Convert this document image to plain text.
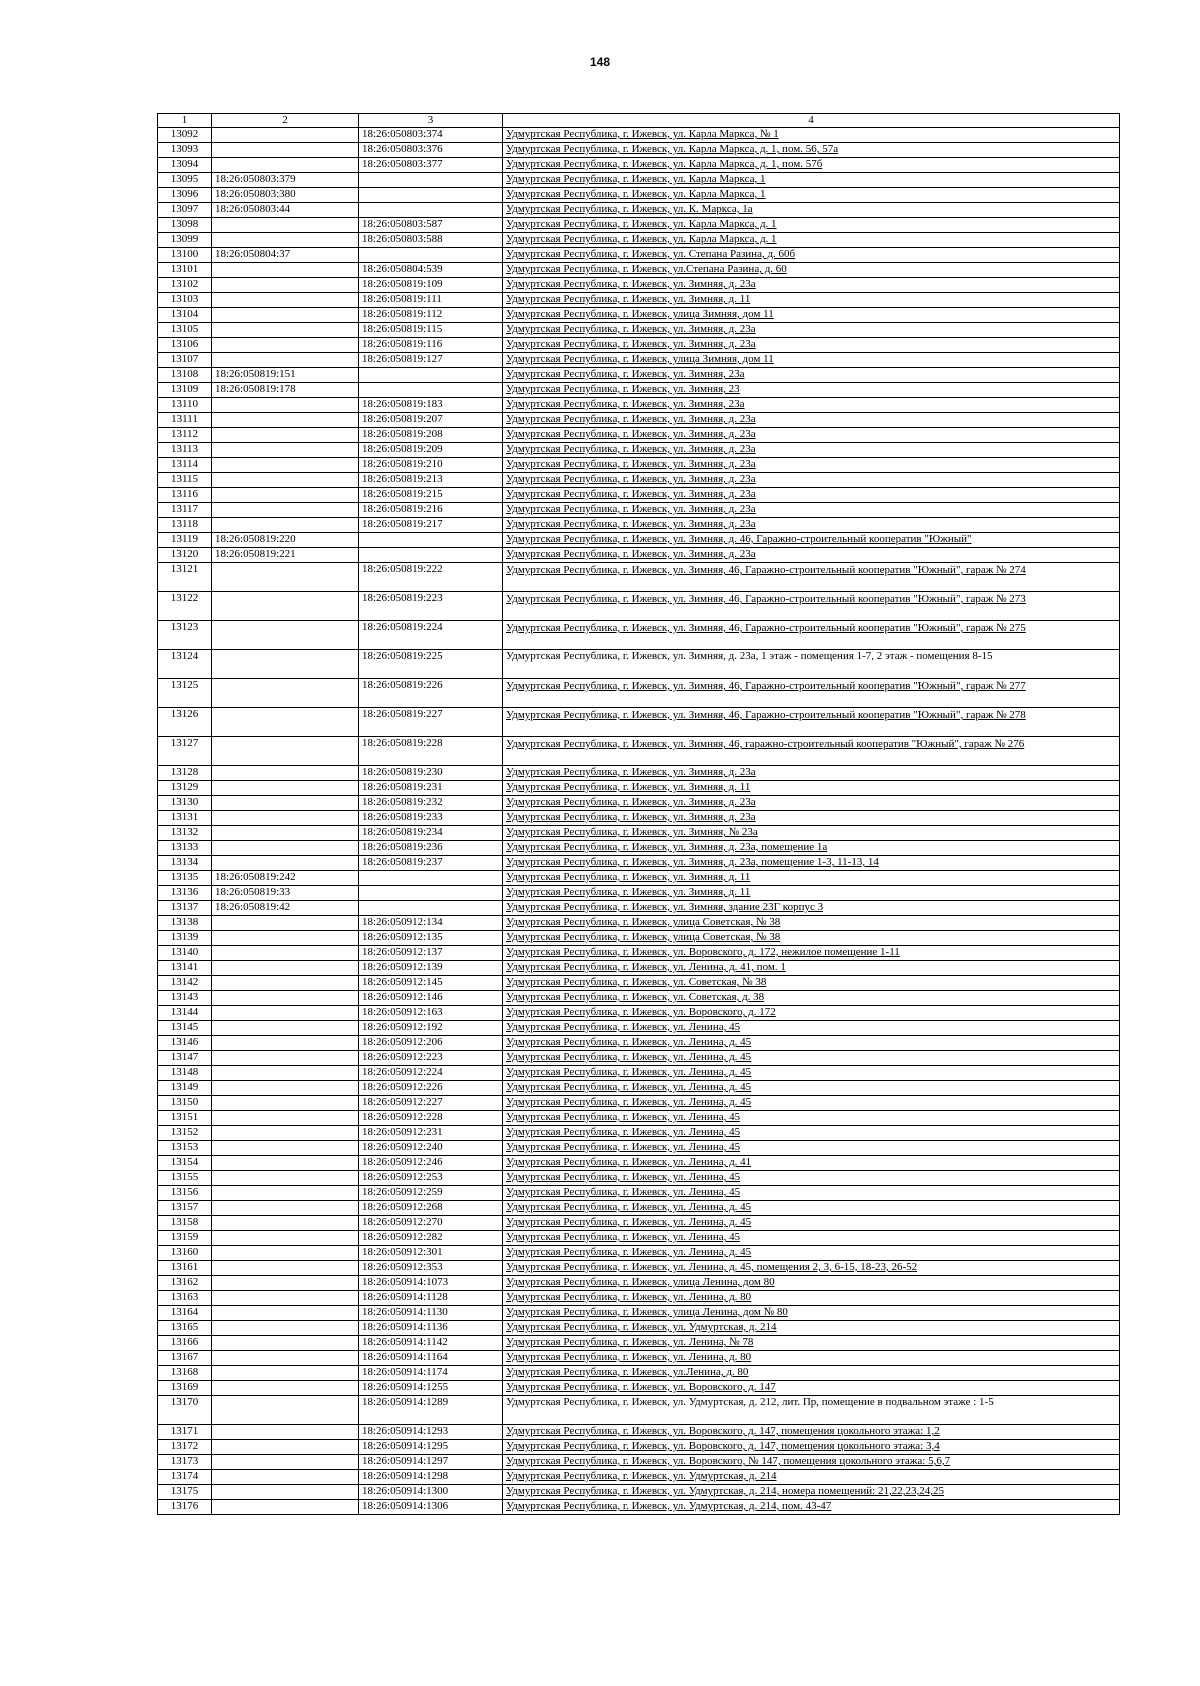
148
1	2	3	4
13092		18:26:050803:374	Удмуртская Республика, г. Ижевск, ул. Карла Маркса, № 1
13093		18:26:050803:376	Удмуртская Республика, г. Ижевск, ул. Карла Маркса, д. 1, пом. 56, 57а
13094		18:26:050803:377	Удмуртская Республика, г. Ижевск, ул. Карла Маркса, д. 1, пом. 57б
13095	18:26:050803:379		Удмуртская Республика, г. Ижевск, ул. Карла Маркса, 1
13096	18:26:050803:380		Удмуртская Республика, г. Ижевск, ул. Карла Маркса, 1
13097	18:26:050803:44		Удмуртская Республика, г. Ижевск, ул. К. Маркса, 1а
13098		18:26:050803:587	Удмуртская Республика, г. Ижевск, ул. Карла Маркса, д. 1
13099		18:26:050803:588	Удмуртская Республика, г. Ижевск, ул. Карла Маркса, д. 1
13100	18:26:050804:37		Удмуртская Республика, г. Ижевск, ул. Степана Разина, д. 60б
13101		18:26:050804:539	Удмуртская Республика, г. Ижевск, ул.Степана Разина, д. 60
13102		18:26:050819:109	Удмуртская Республика, г. Ижевск, ул. Зимняя, д. 23а
13103		18:26:050819:111	Удмуртская Республика, г. Ижевск, ул. Зимняя, д. 11
13104		18:26:050819:112	Удмуртская Республика, г. Ижевск, улица Зимняя, дом 11
13105		18:26:050819:115	Удмуртская Республика, г. Ижевск, ул. Зимняя, д. 23а
13106		18:26:050819:116	Удмуртская Республика, г. Ижевск, ул. Зимняя, д. 23а
13107		18:26:050819:127	Удмуртская Республика, г. Ижевск, улица Зимняя, дом 11
13108	18:26:050819:151		Удмуртская Республика, г. Ижевск, ул. Зимняя, 23а
13109	18:26:050819:178		Удмуртская Республика, г. Ижевск, ул. Зимняя, 23
13110		18:26:050819:183	Удмуртская Республика, г. Ижевск, ул. Зимняя, 23а
13111		18:26:050819:207	Удмуртская Республика, г. Ижевск, ул. Зимняя, д. 23а
13112		18:26:050819:208	Удмуртская Республика, г. Ижевск, ул. Зимняя, д. 23а
13113		18:26:050819:209	Удмуртская Республика, г. Ижевск, ул. Зимняя, д. 23а
13114		18:26:050819:210	Удмуртская Республика, г. Ижевск, ул. Зимняя, д. 23а
13115		18:26:050819:213	Удмуртская Республика, г. Ижевск, ул. Зимняя, д. 23а
13116		18:26:050819:215	Удмуртская Республика, г. Ижевск, ул. Зимняя, д. 23а
13117		18:26:050819:216	Удмуртская Республика, г. Ижевск, ул. Зимняя, д. 23а
13118		18:26:050819:217	Удмуртская Республика, г. Ижевск, ул. Зимняя, д. 23а
13119	18:26:050819:220		Удмуртская Республика, г. Ижевск, ул. Зимняя, д. 46, Гаражно-строительный кооператив "Южный"
13120	18:26:050819:221		Удмуртская Республика, г. Ижевск, ул. Зимняя, д. 23а
13121		18:26:050819:222	Удмуртская Республика, г. Ижевск, ул. Зимняя, 46, Гаражно-строительный кооператив "Южный", гараж № 274
13122		18:26:050819:223	Удмуртская Республика, г. Ижевск, ул. Зимняя, 46, Гаражно-строительный кооператив "Южный", гараж № 273
13123		18:26:050819:224	Удмуртская Республика, г. Ижевск, ул. Зимняя, 46, Гаражно-строительный кооператив "Южный", гараж № 275
13124		18:26:050819:225	Удмуртская Республика, г. Ижевск, ул. Зимняя, д. 23а, 1 этаж - помещения 1-7, 2 этаж - помещения 8-15
13125		18:26:050819:226	Удмуртская Республика, г. Ижевск, ул. Зимняя, 46, Гаражно-строительный кооператив "Южный", гараж № 277
13126		18:26:050819:227	Удмуртская Республика, г. Ижевск, ул. Зимняя, 46, Гаражно-строительный кооператив "Южный", гараж № 278
13127		18:26:050819:228	Удмуртская Республика, г. Ижевск, ул. Зимняя, 46, гаражно-строительный кооператив "Южный", гараж № 276
13128		18:26:050819:230	Удмуртская Республика, г. Ижевск, ул. Зимняя, д. 23а
13129		18:26:050819:231	Удмуртская Республика, г. Ижевск, ул. Зимняя, д. 11
13130		18:26:050819:232	Удмуртская Республика, г. Ижевск, ул. Зимняя, д. 23а
13131		18:26:050819:233	Удмуртская Республика, г. Ижевск, ул. Зимняя, д. 23а
13132		18:26:050819:234	Удмуртская Республика, г. Ижевск, ул. Зимняя, № 23а
13133		18:26:050819:236	Удмуртская Республика, г. Ижевск, ул. Зимняя, д. 23а, помещение 1а
13134		18:26:050819:237	Удмуртская Республика, г. Ижевск, ул. Зимняя, д. 23а, помещение 1-3, 11-13, 14
13135	18:26:050819:242		Удмуртская Республика, г. Ижевск, ул. Зимняя, д. 11
13136	18:26:050819:33		Удмуртская Республика, г. Ижевск, ул. Зимняя, д. 11
13137	18:26:050819:42		Удмуртская Республика, г. Ижевск, ул. Зимняя, здание 23Г корпус 3
13138		18:26:050912:134	Удмуртская Республика, г. Ижевск, улица Советская, № 38
13139		18:26:050912:135	Удмуртская Республика, г. Ижевск, улица Советская, № 38
13140		18:26:050912:137	Удмуртская Республика, г. Ижевск, ул. Воровского, д. 172, нежилое помещение 1-11
13141		18:26:050912:139	Удмуртская Республика, г. Ижевск, ул. Ленина, д. 41, пом. 1
13142		18:26:050912:145	Удмуртская Республика, г. Ижевск, ул. Советская, № 38
13143		18:26:050912:146	Удмуртская Республика, г. Ижевск, ул. Советская, д. 38
13144		18:26:050912:163	Удмуртская Республика, г. Ижевск, ул. Воровского, д. 172
13145		18:26:050912:192	Удмуртская Республика, г. Ижевск, ул. Ленина, 45
13146		18:26:050912:206	Удмуртская Республика, г. Ижевск, ул. Ленина, д. 45
13147		18:26:050912:223	Удмуртская Республика, г. Ижевск, ул. Ленина, д. 45
13148		18:26:050912:224	Удмуртская Республика, г. Ижевск, ул. Ленина, д. 45
13149		18:26:050912:226	Удмуртская Республика, г. Ижевск, ул. Ленина, д. 45
13150		18:26:050912:227	Удмуртская Республика, г. Ижевск, ул. Ленина, д. 45
13151		18:26:050912:228	Удмуртская Республика, г. Ижевск, ул. Ленина, 45
13152		18:26:050912:231	Удмуртская Республика, г. Ижевск, ул. Ленина, 45
13153		18:26:050912:240	Удмуртская Республика, г. Ижевск, ул. Ленина, 45
13154		18:26:050912:246	Удмуртская Республика, г. Ижевск, ул. Ленина, д. 41
13155		18:26:050912:253	Удмуртская Республика, г. Ижевск, ул. Ленина, 45
13156		18:26:050912:259	Удмуртская Республика, г. Ижевск, ул. Ленина, 45
13157		18:26:050912:268	Удмуртская Республика, г. Ижевск, ул. Ленина, д. 45
13158		18:26:050912:270	Удмуртская Республика, г. Ижевск, ул. Ленина, д. 45
13159		18:26:050912:282	Удмуртская Республика, г. Ижевск, ул. Ленина, 45
13160		18:26:050912:301	Удмуртская Республика, г. Ижевск, ул. Ленина, д. 45
13161		18:26:050912:353	Удмуртская Республика, г. Ижевск, ул. Ленина, д. 45, помещения 2, 3, 6-15, 18-23, 26-52
13162		18:26:050914:1073	Удмуртская Республика, г. Ижевск, улица Ленина, дом 80
13163		18:26:050914:1128	Удмуртская Республика, г. Ижевск, ул. Ленина, д. 80
13164		18:26:050914:1130	Удмуртская Республика, г. Ижевск, улица Ленина, дом № 80
13165		18:26:050914:1136	Удмуртская Республика, г. Ижевск, ул. Удмуртская, д. 214
13166		18:26:050914:1142	Удмуртская Республика, г. Ижевск, ул. Ленина, № 78
13167		18:26:050914:1164	Удмуртская Республика, г. Ижевск, ул. Ленина, д. 80
13168		18:26:050914:1174	Удмуртская Республика, г. Ижевск, ул.Ленина, д. 80
13169		18:26:050914:1255	Удмуртская Республика, г. Ижевск, ул. Воровского, д. 147
13170		18:26:050914:1289	Удмуртская Республика, г. Ижевск, ул. Удмуртская, д. 212, лит. Пр, помещение в подвальном этаже : 1-5
13171		18:26:050914:1293	Удмуртская Республика, г. Ижевск, ул. Воровского, д. 147, помещения цокольного этажа: 1,2
13172		18:26:050914:1295	Удмуртская Республика, г. Ижевск, ул. Воровского, д. 147, помещения цокольного этажа: 3,4
13173		18:26:050914:1297	Удмуртская Республика, г. Ижевск, ул. Воровского, № 147, помещения цокольного этажа: 5,6,7
13174		18:26:050914:1298	Удмуртская Республика, г. Ижевск, ул. Удмуртская, д. 214
13175		18:26:050914:1300	Удмуртская Республика, г. Ижевск, ул. Удмуртская, д. 214, номера помещений: 21,22,23,24,25
13176		18:26:050914:1306	Удмуртская Республика, г. Ижевск, ул. Удмуртская, д. 214, пом. 43-47
